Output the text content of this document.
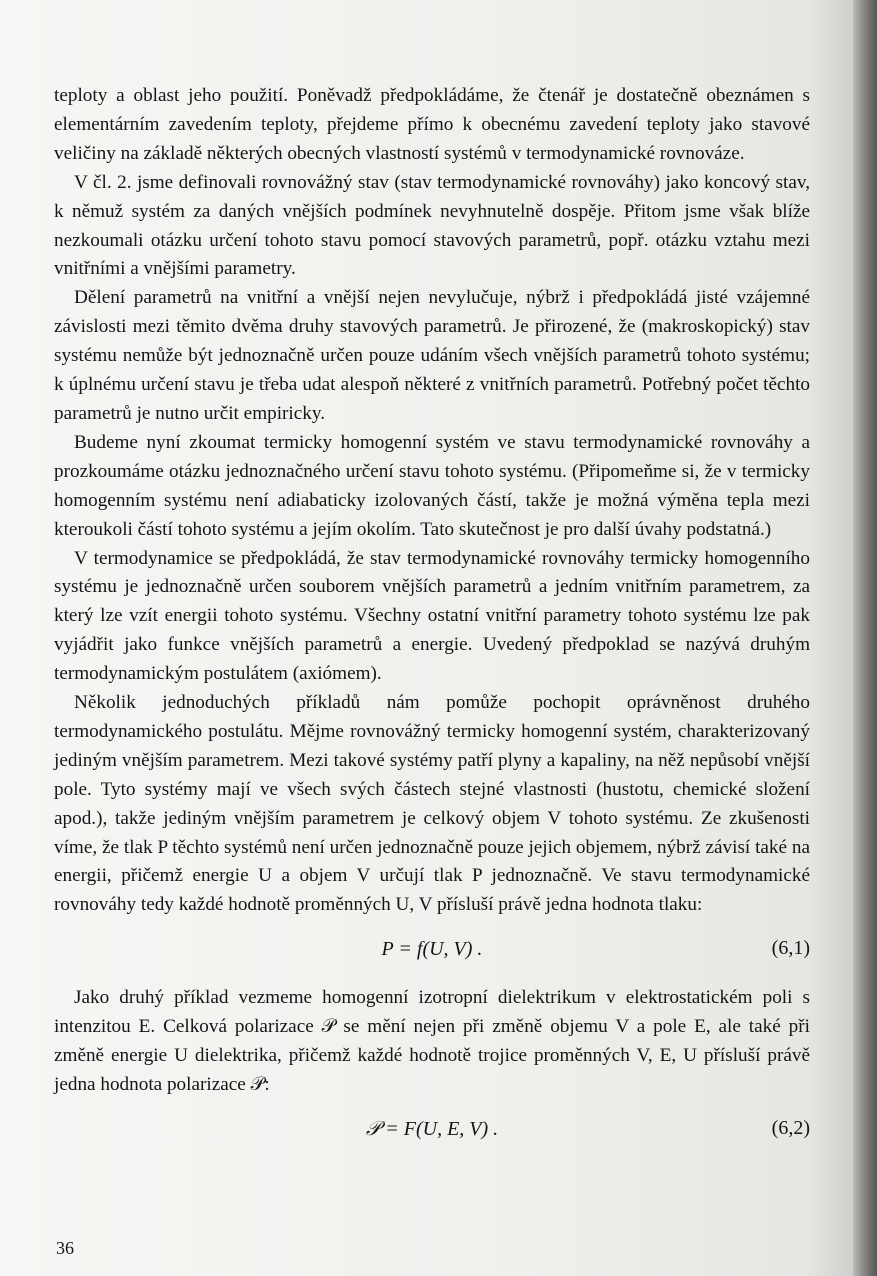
teploty a oblast jeho použití. Poněvadž předpokládáme, že čtenář je dostatečně obeznámen s elementárním zavedením teploty, přejdeme přímo k obecnému zavedení teploty jako stavové veličiny na základě některých obecných vlastností systémů v termodynamické rovnováze.

V čl. 2. jsme definovali rovnovážný stav (stav termodynamické rovnováhy) jako koncový stav, k němuž systém za daných vnějších podmínek nevyhnutelně dospěje. Přitom jsme však blíže nezkoumali otázku určení tohoto stavu pomocí stavových parametrů, popř. otázku vztahu mezi vnitřními a vnějšími parametry.

Dělení parametrů na vnitřní a vnější nejen nevylučuje, nýbrž i předpokládá jisté vzájemné závislosti mezi těmito dvěma druhy stavových parametrů. Je přirozené, že (makroskopický) stav systému nemůže být jednoznačně určen pouze udáním všech vnějších parametrů tohoto systému; k úplnému určení stavu je třeba udat alespoň některé z vnitřních parametrů. Potřebný počet těchto parametrů je nutno určit empiricky.

Budeme nyní zkoumat termicky homogenní systém ve stavu termodynamické rovnováhy a prozkoumáme otázku jednoznačného určení stavu tohoto systému. (Připomeňme si, že v termicky homogenním systému není adiabaticky izolovaných částí, takže je možná výměna tepla mezi kteroukoli částí tohoto systému a jejím okolím. Tato skutečnost je pro další úvahy podstatná.)

V termodynamice se předpokládá, že stav termodynamické rovnováhy termicky homogenního systému je jednoznačně určen souborem vnějších parametrů a jedním vnitřním parametrem, za který lze vzít energii tohoto systému. Všechny ostatní vnitřní parametry tohoto systému lze pak vyjádřit jako funkce vnějších parametrů a energie. Uvedený předpoklad se nazývá druhým termodynamickým postulátem (axiómem).

Několik jednoduchých příkladů nám pomůže pochopit oprávněnost druhého termodynamického postulátu. Mějme rovnovážný termicky homogenní systém, charakterizovaný jediným vnějším parametrem. Mezi takové systémy patří plyny a kapaliny, na něž nepůsobí vnější pole. Tyto systémy mají ve všech svých částech stejné vlastnosti (hustotu, chemické složení apod.), takže jediným vnějším parametrem je celkový objem V tohoto systému. Ze zkušenosti víme, že tlak P těchto systémů není určen jednoznačně pouze jejich objemem, nýbrž závisí také na energii, přičemž energie U a objem V určují tlak P jednoznačně. Ve stavu termodynamické rovnováhy tedy každé hodnotě proměnných U, V přísluší právě jedna hodnota tlaku:

P = f(U, V) .	(6,1)

Jako druhý příklad vezmeme homogenní izotropní dielektrikum v elektrostatickém poli s intenzitou E. Celková polarizace 𝒫 se mění nejen při změně objemu V a pole E, ale také při změně energie U dielektrika, přičemž každé hodnotě trojice proměnných V, E, U přísluší právě jedna hodnota polarizace 𝒫:

𝒫 = F(U, E, V) .	(6,2)
36
